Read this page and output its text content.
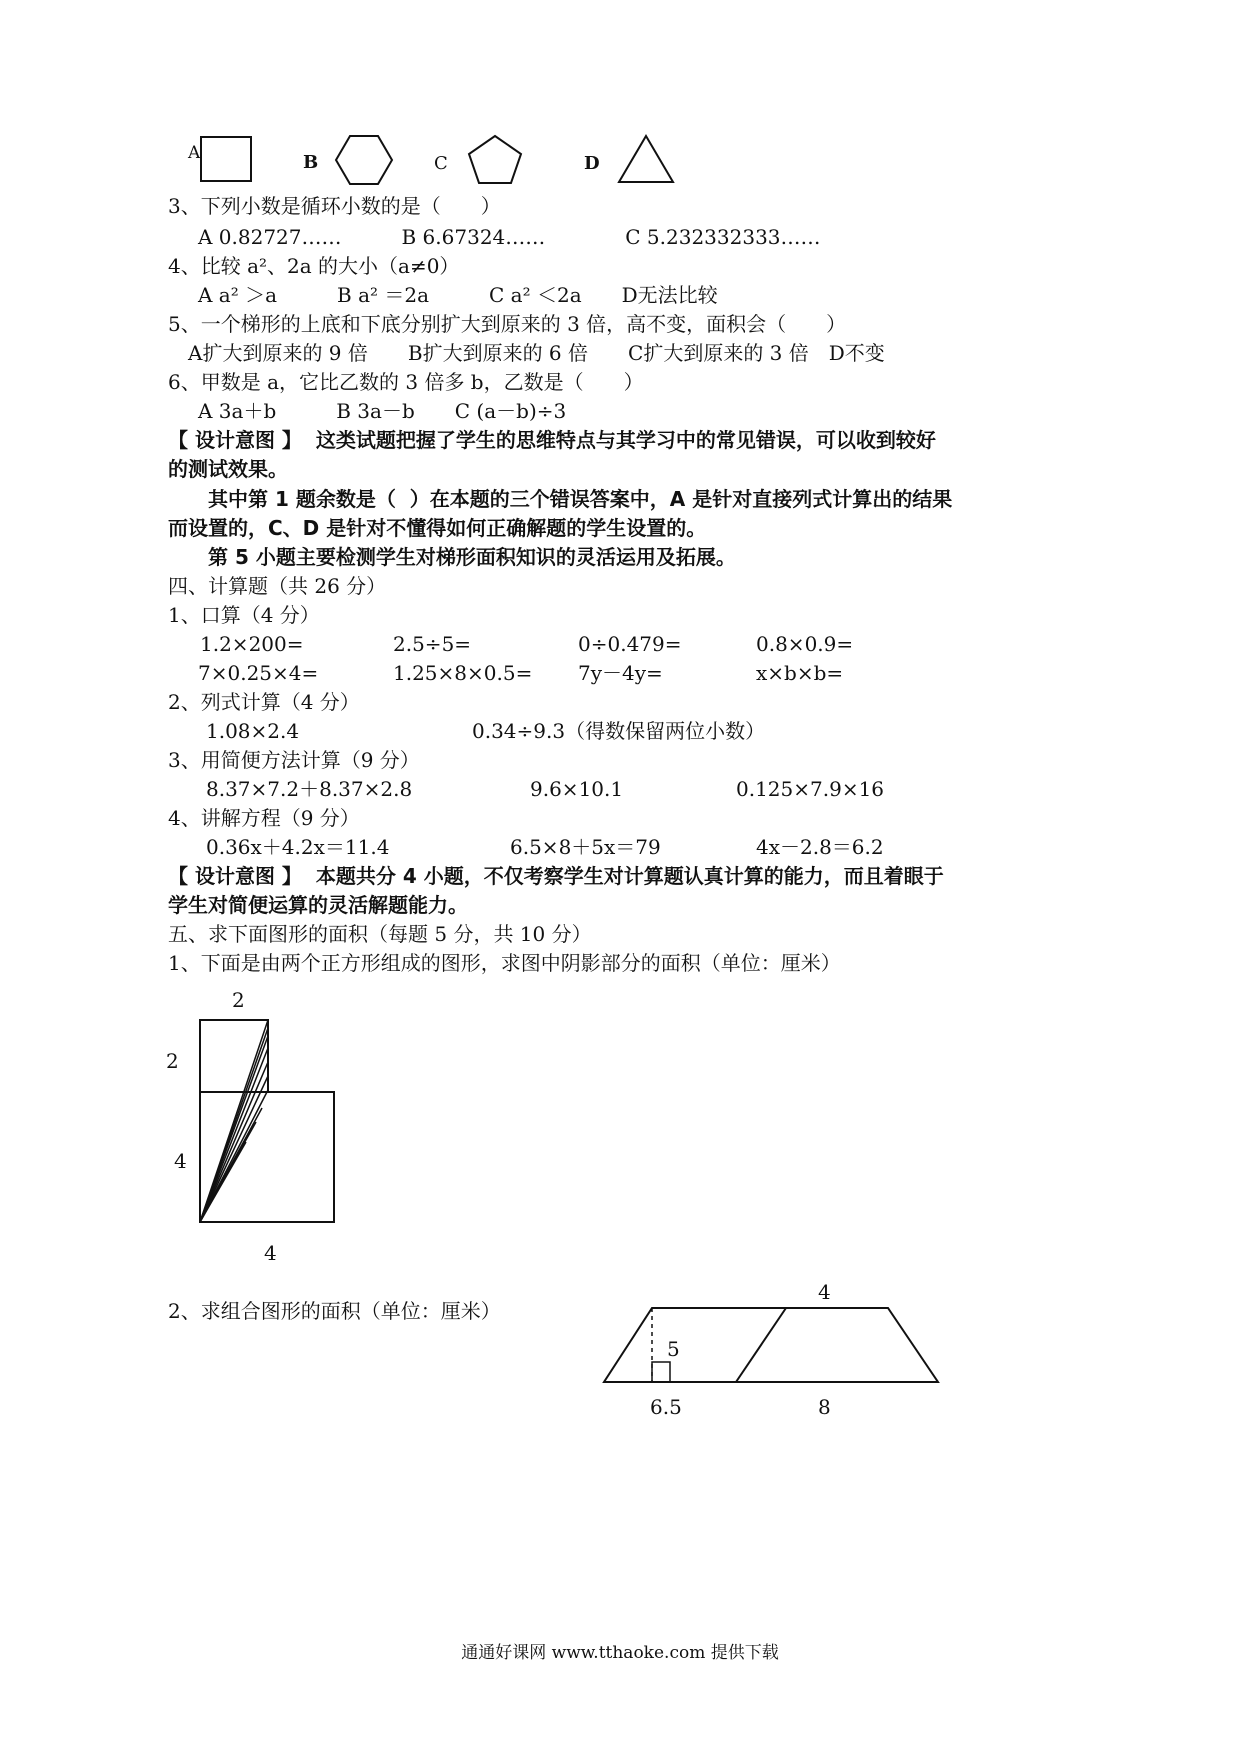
A	B	C	D
3、下列小数是循环小数的是（　　）
A 0.82727……　　　B 6.67324……　　　　C 5.232332333……
4、比较 a²、2a 的大小（a≠0）
A a² ＞a　　　B a² ＝2a　　　C a² ＜2a　　D无法比较
5、一个梯形的上底和下底分别扩大到原来的 3 倍，高不变，面积会（　　）
A扩大到原来的 9 倍　　B扩大到原来的 6 倍　　C扩大到原来的 3 倍　D不变
6、甲数是 a，它比乙数的 3 倍多 b，乙数是（　　）
A 3a＋b　　　B 3a－b　　C (a－b)÷3
【 设计意图 】  这类试题把握了学生的思维特点与其学习中的常见错误，可以收到较好
的测试效果。
　　其中第 1 题余数是（  ）在本题的三个错误答案中，A 是针对直接列式计算出的结果
而设置的，C、D 是针对不懂得如何正确解题的学生设置的。
　　第 5 小题主要检测学生对梯形面积知识的灵活运用及拓展。
四、计算题（共 26 分）
1、口算（4 分）
1.2×200=	2.5÷5=	0÷0.479=	0.8×0.9=
7×0.25×4=	1.25×8×0.5= 7y－4y=	x×b×b=
2、列式计算（4 分）
1.08×2.4	0.34÷9.3（得数保留两位小数）
3、用简便方法计算（9 分）
8.37×7.2＋8.37×2.8	9.6×10.1	0.125×7.9×16
4、讲解方程（9 分）
0.36x＋4.2x＝11.4	6.5×8＋5x＝79	4x－2.8＝6.2
【 设计意图 】  本题共分 4 小题，不仅考察学生对计算题认真计算的能力，而且着眼于
学生对简便运算的灵活解题能力。
五、求下面图形的面积（每题 5 分，共 10 分）
1、下面是由两个正方形组成的图形，求图中阴影部分的面积（单位：厘米）
2
2
4
4
2、求组合图形的面积（单位：厘米）
4
5
6.5	8
通通好课网 www.tthaoke.com 提供下载
